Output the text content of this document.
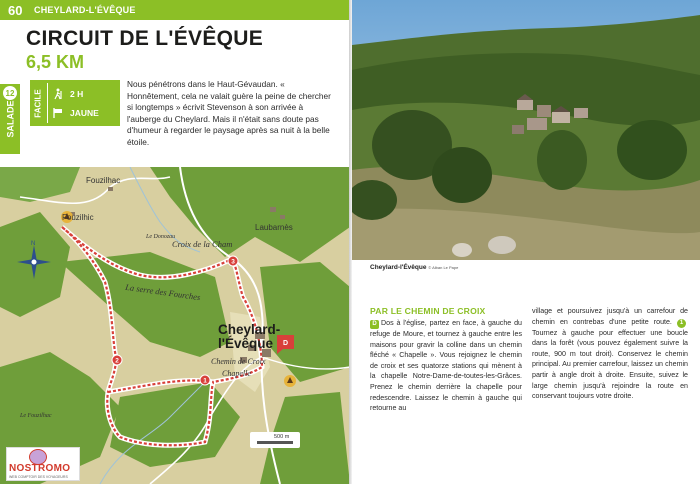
60	CHEYLARD-L'ÉVÊQUE
CIRCUIT DE L'ÉVÊQUE
6,5 KM
SALADE
12	FACILE	2 H
JAUNE

Nous pénétrons dans le Haut-Gévaudan. « Honnêtement, cela ne valait guère la peine de chercher si longtemps » écrivit Stevenson à son arrivée à l'auberge du Cheylard. Mais il n'était sans doute pas d'humeur à regarder le paysage après sa nuit à la belle étoile.

1
2
3
D
Fouzilhac
Fouzilhic
Laubarnès
Le Donozau
Croix de la Cham
La serre des Fourches
Cheylard-
l'Évêque
Chemin de Croix
Chapelle
Le Fouzilhac
N
500 m
NOSTROMO
WEB COMPTOIR DES VOYAGEURS
Cheylard-l'Évêque © Alban Le Pape
PAR LE CHEMIN DE CROIX

D Dos à l'église, partez en face, à gauche du refuge de Moure, et tournez à gauche entre les maisons pour gravir la colline dans un chemin fléché « Chapelle ». Vous rejoignez le chemin de croix et ses quatorze stations qui mènent à la chapelle Notre-Dame-de-toutes-les-Grâces. Prenez le chemin derrière la chapelle pour redescendre. Laissez le chemin à gauche qui retourne au

village et poursuivez jusqu'à un carrefour de chemin en contrebas d'une petite route. 1Tournez à gauche pour effectuer une boucle dans la forêt (vous pouvez également suivre la route, 900 m tout droit). Conservez le chemin principal. Au premier carrefour, laissez un chemin partir à angle droit à droite. Ensuite, suivez le large chemin jusqu'à rejoindre la route en conservant toujours votre droite.
